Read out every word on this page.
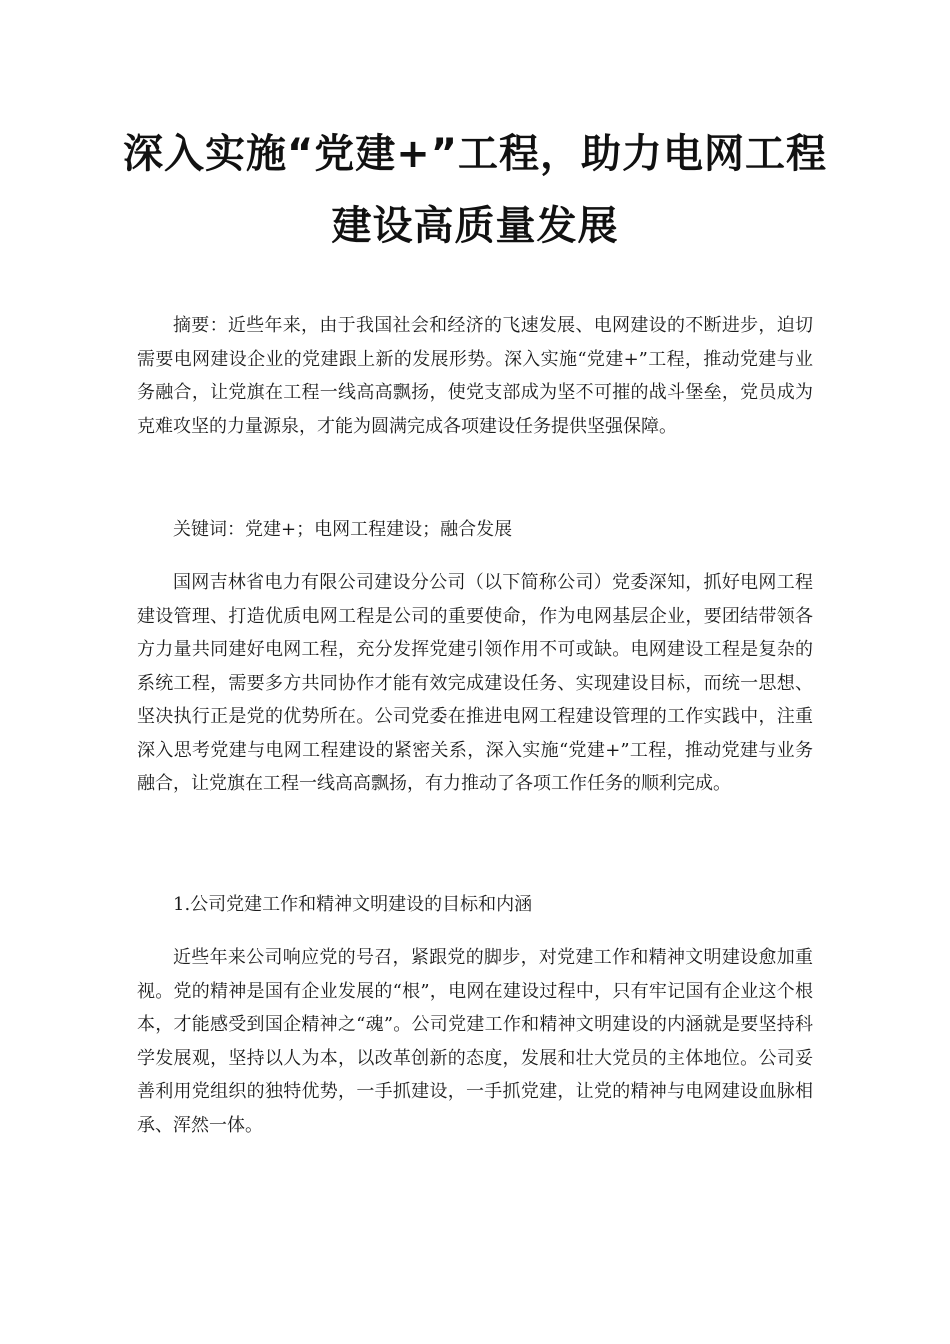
深入实施“党建+”工程，助力电网工程
建设高质量发展

摘要：近些年来，由于我国社会和经济的飞速发展、电网建设的不断进步，迫切需要电网建设企业的党建跟上新的发展形势。深入实施“党建+”工程，推动党建与业务融合，让党旗在工程一线高高飘扬，使党支部成为坚不可摧的战斗堡垒，党员成为克难攻坚的力量源泉，才能为圆满完成各项建设任务提供坚强保障。

关键词：党建+；电网工程建设；融合发展

国网吉林省电力有限公司建设分公司（以下简称公司）党委深知，抓好电网工程建设管理、打造优质电网工程是公司的重要使命，作为电网基层企业，要团结带领各方力量共同建好电网工程，充分发挥党建引领作用不可或缺。电网建设工程是复杂的系统工程，需要多方共同协作才能有效完成建设任务、实现建设目标，而统一思想、坚决执行正是党的优势所在。公司党委在推进电网工程建设管理的工作实践中，注重深入思考党建与电网工程建设的紧密关系，深入实施“党建+”工程，推动党建与业务融合，让党旗在工程一线高高飘扬，有力推动了各项工作任务的顺利完成。

1.公司党建工作和精神文明建设的目标和内涵

近些年来公司响应党的号召，紧跟党的脚步，对党建工作和精神文明建设愈加重视。党的精神是国有企业发展的“根”，电网在建设过程中，只有牢记国有企业这个根本，才能感受到国企精神之“魂”。公司党建工作和精神文明建设的内涵就是要坚持科学发展观，坚持以人为本，以改革创新的态度，发展和壮大党员的主体地位。公司妥善利用党组织的独特优势，一手抓建设，一手抓党建，让党的精神与电网建设血脉相承、浑然一体。
